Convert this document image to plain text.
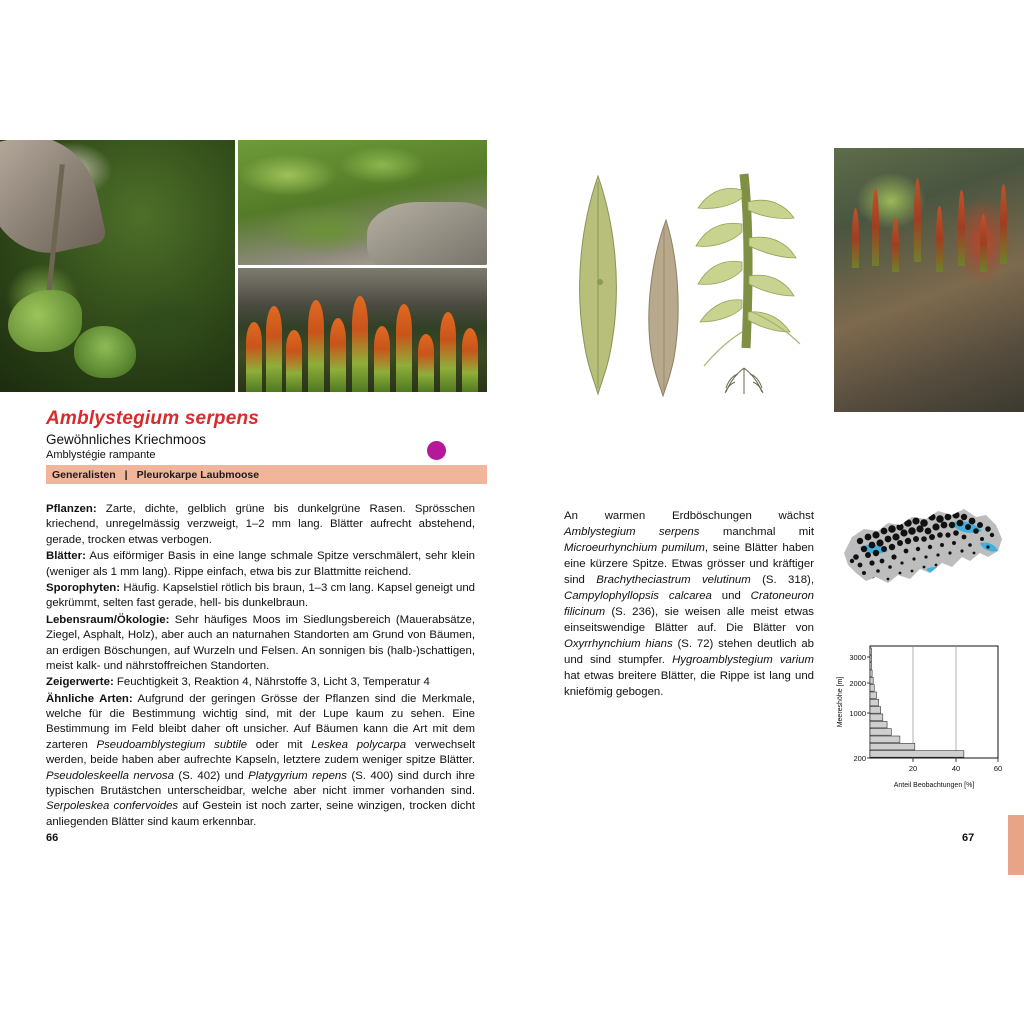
Amblystegium serpens
Gewöhnliches Kriechmoos
Amblystégie rampante
Generalisten | Pleurokarpe Laubmoose

Pflanzen: Zarte, dichte, gelblich grüne bis dunkelgrüne Rasen. Sprösschen kriechend, unregelmässig verzweigt, 1–2 mm lang. Blätter aufrecht abstehend, gerade, trocken etwas verbogen.

Blätter: Aus eiförmiger Basis in eine lange schmale Spitze verschmälert, sehr klein (weniger als 1 mm lang). Rippe einfach, etwa bis zur Blattmitte reichend.

Sporophyten: Häufig. Kapselstiel rötlich bis braun, 1–3 cm lang. Kapsel geneigt und gekrümmt, selten fast gerade, hell- bis dunkelbraun.

Lebensraum/Ökologie: Sehr häufiges Moos im Siedlungsbereich (Mauerabsätze, Ziegel, Asphalt, Holz), aber auch an naturnahen Standorten am Grund von Bäumen, an erdigen Böschungen, auf Wurzeln und Felsen. An sonnigen bis (halb-)schattigen, meist kalk- und nährstoffreichen Standorten.

Zeigerwerte: Feuchtigkeit 3, Reaktion 4, Nährstoffe 3, Licht 3, Temperatur 4

Ähnliche Arten: Aufgrund der geringen Grösse der Pflanzen sind die Merkmale, welche für die Bestimmung wichtig sind, mit der Lupe kaum zu sehen. Eine Bestimmung im Feld bleibt daher oft unsicher. Auf Bäumen kann die Art mit dem zarteren Pseudoamblystegium subtile oder mit Leskea polycarpa verwechselt werden, beide haben aber aufrechte Kapseln, letztere zudem weniger spitze Blätter. Pseudoleskeella nervosa (S. 402) und Platygyrium repens (S. 400) sind durch ihre typischen Brutästchen unterscheidbar, welche aber nicht immer vorhanden sind. Serpoleskea confervoides auf Gestein ist noch zarter, seine winzigen, trocken dicht anliegenden Blätter sind kaum erkennbar.

66

An warmen Erdböschungen wächst Amblystegium serpens manchmal mit Microeurhynchium pumilum, seine Blätter haben eine kürzere Spitze. Etwas grösser und kräftiger sind Brachytheciastrum velutinum (S. 318), Campylophyllopsis calcarea und Cratoneuron filicinum (S. 236), sie weisen alle meist etwas einseitswendige Blätter auf. Die Blätter von Oxyrrhynchium hians (S. 72) stehen deutlich ab und sind stumpfer. Hygroamblystegium varium hat etwas breitere Blätter, die Rippe ist lang und kniefömig gebogen.

3000
2000
1000
200
20	40	60
Anteil Beobachtungen [%]
Meereshöhe [m]
67
